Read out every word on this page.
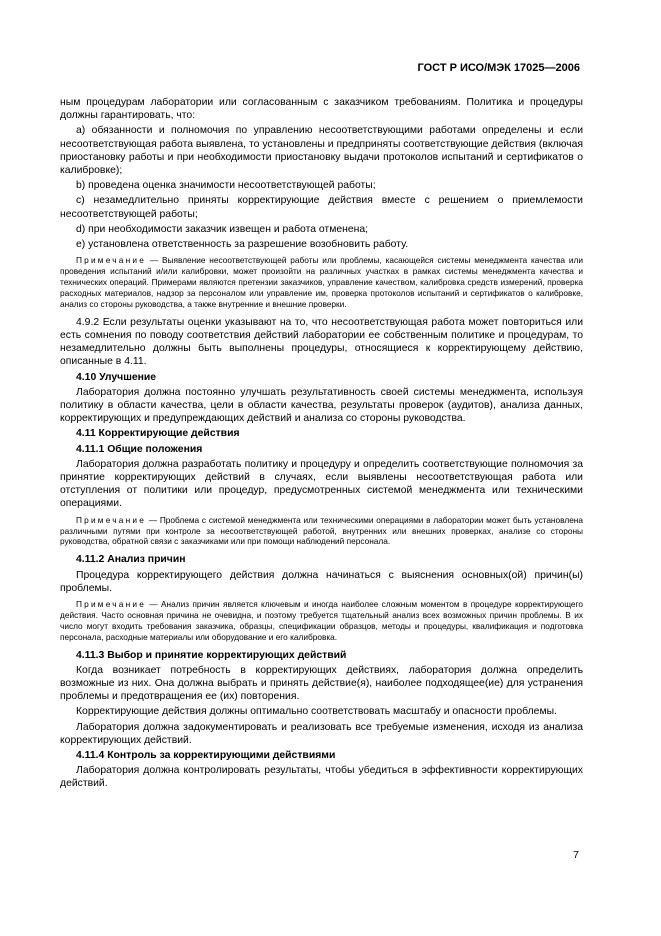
ГОСТ Р ИСО/МЭК 17025—2006
ным процедурам лаборатории или согласованным с заказчиком требованиям. Политика и процедуры должны гарантировать, что:
a) обязанности и полномочия по управлению несоответствующими работами определены и если несоответствующая работа выявлена, то установлены и предприняты соответствующие действия (включая приостановку работы и при необходимости приостановку выдачи протоколов испытаний и сертификатов о калибровке);
b) проведена оценка значимости несоответствующей работы;
c) незамедлительно приняты корректирующие действия вместе с решением о приемлемости несоответствующей работы;
d) при необходимости заказчик извещен и работа отменена;
e) установлена ответственность за разрешение возобновить работу.
Примечание — Выявление несоответствующей работы или проблемы, касающейся системы менеджмента качества или проведения испытаний и/или калибровки, может произойти на различных участках в рамках системы менеджмента качества и технических операций. Примерами являются претензии заказчиков, управление качеством, калибровка средств измерений, проверка расходных материалов, надзор за персоналом или управление им, проверка протоколов испытаний и сертификатов о калибровке, анализ со стороны руководства, а также внутренние и внешние проверки.
4.9.2 Если результаты оценки указывают на то, что несоответствующая работа может повториться или есть сомнения по поводу соответствия действий лаборатории ее собственным политике и процедурам, то незамедлительно должны быть выполнены процедуры, относящиеся к корректирующему действию, описанные в 4.11.
4.10 Улучшение
Лаборатория должна постоянно улучшать результативность своей системы менеджмента, используя политику в области качества, цели в области качества, результаты проверок (аудитов), анализа данных, корректирующих и предупреждающих действий и анализа со стороны руководства.
4.11 Корректирующие действия
4.11.1 Общие положения
Лаборатория должна разработать политику и процедуру и определить соответствующие полномочия за принятие корректирующих действий в случаях, если выявлены несоответствующая работа или отступления от политики или процедур, предусмотренных системой менеджмента или техническими операциями.
Примечание — Проблема с системой менеджмента или техническими операциями в лаборатории может быть установлена различными путями при контроле за несоответствующей работой, внутренних или внешних проверках, анализе со стороны руководства, обратной связи с заказчиками или при помощи наблюдений персонала.
4.11.2 Анализ причин
Процедура корректирующего действия должна начинаться с выяснения основных(ой) причин(ы) проблемы.
Примечание — Анализ причин является ключевым и иногда наиболее сложным моментом в процедуре корректирующего действия. Часто основная причина не очевидна, и поэтому требуется тщательный анализ всех возможных причин проблемы. В их число могут входить требования заказчика, образцы, спецификации образцов, методы и процедуры, квалификация и подготовка персонала, расходные материалы или оборудование и его калибровка.
4.11.3 Выбор и принятие корректирующих действий
Когда возникает потребность в корректирующих действиях, лаборатория должна определить возможные из них. Она должна выбрать и принять действие(я), наиболее подходящее(ие) для устранения проблемы и предотвращения ее (их) повторения.
Корректирующие действия должны оптимально соответствовать масштабу и опасности проблемы.
Лаборатория должна задокументировать и реализовать все требуемые изменения, исходя из анализа корректирующих действий.
4.11.4 Контроль за корректирующими действиями
Лаборатория должна контролировать результаты, чтобы убедиться в эффективности корректирующих действий.
7
